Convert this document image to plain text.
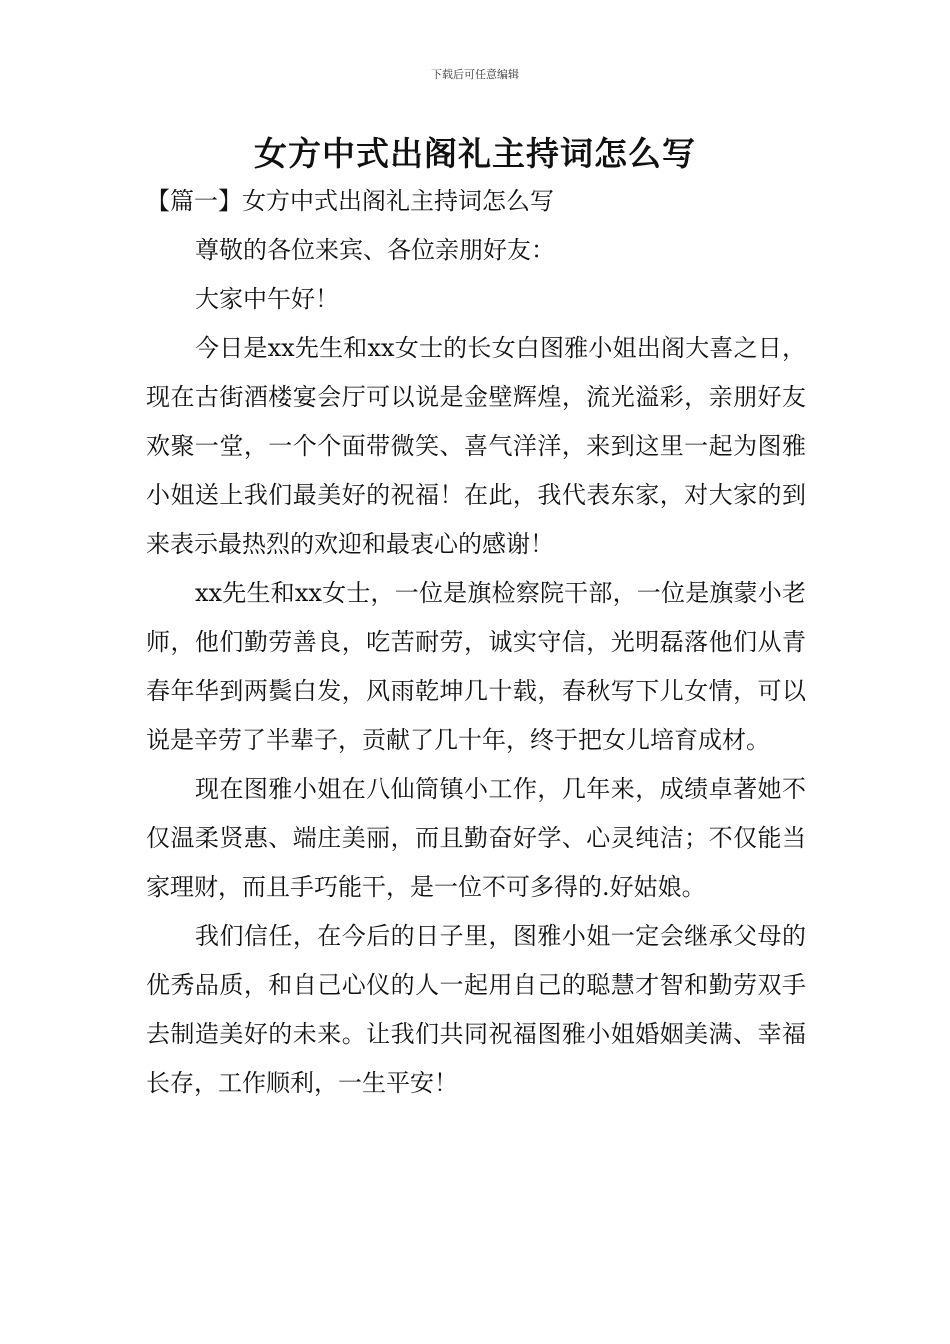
下载后可任意编辑
女方中式出阁礼主持词怎么写

【篇一】女方中式出阁礼主持词怎么写

尊敬的各位来宾、各位亲朋好友：

大家中午好！

今日是xx先生和xx女士的长女白图雅小姐出阁大喜之日，现在古街酒楼宴会厅可以说是金壁辉煌，流光溢彩，亲朋好友欢聚一堂，一个个面带微笑、喜气洋洋，来到这里一起为图雅小姐送上我们最美好的祝福！在此，我代表东家，对大家的到来表示最热烈的欢迎和最衷心的感谢！

xx先生和xx女士，一位是旗检察院干部，一位是旗蒙小老师，他们勤劳善良，吃苦耐劳，诚实守信，光明磊落他们从青春年华到两鬓白发，风雨乾坤几十载，春秋写下儿女情，可以说是辛劳了半辈子，贡献了几十年，终于把女儿培育成材。

现在图雅小姐在八仙筒镇小工作，几年来，成绩卓著她不仅温柔贤惠、端庄美丽，而且勤奋好学、心灵纯洁；不仅能当家理财，而且手巧能干，是一位不可多得的.好姑娘。

我们信任，在今后的日子里，图雅小姐一定会继承父母的优秀品质，和自己心仪的人一起用自己的聪慧才智和勤劳双手去制造美好的未来。让我们共同祝福图雅小姐婚姻美满、幸福长存，工作顺利，一生平安！
